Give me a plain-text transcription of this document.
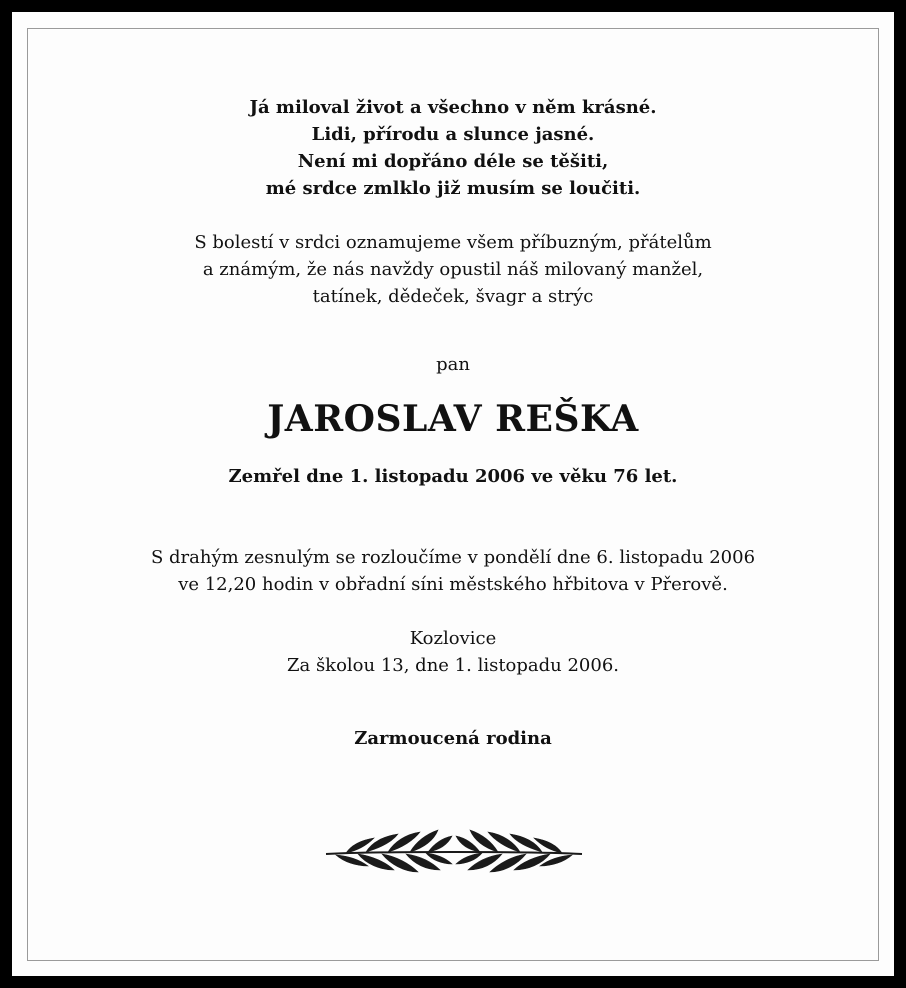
Já miloval život a všechno v něm krásné.
Lidi, přírodu a slunce jasné.
Není mi dopřáno déle se těšiti,
mé srdce zmlklo již musím se loučiti.
S bolestí v srdci oznamujeme všem příbuzným, přátelům
a známým, že nás navždy opustil náš milovaný manžel,
tatínek, dědeček, švagr a strýc
pan
JAROSLAV REŠKA
Zemřel dne 1. listopadu 2006 ve věku 76 let.
S drahým zesnulým se rozloučíme v pondělí dne 6. listopadu 2006
ve 12,20 hodin v obřadní síni městského hřbitova v Přerově.
Kozlovice
Za školou 13, dne 1. listopadu 2006.
Zarmoucená rodina
